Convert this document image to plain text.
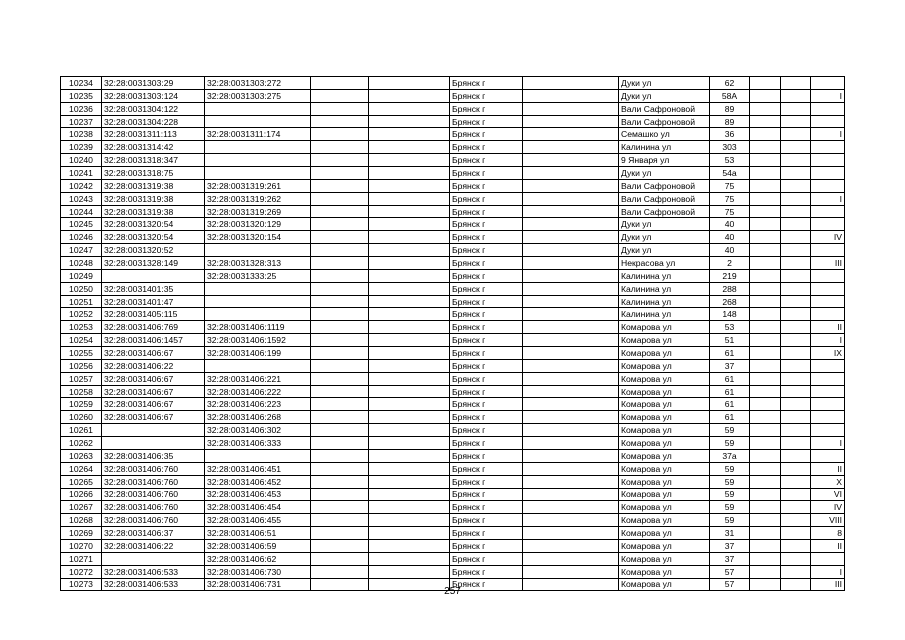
10234	32:28:0031303:29	32:28:0031303:272			Брянск г		Дуки ул	62			
10235	32:28:0031303:124	32:28:0031303:275			Брянск г		Дуки ул	58А			I
10236	32:28:0031304:122				Брянск г		Вали Сафроновой	89			
10237	32:28:0031304:228				Брянск г		Вали Сафроновой	89			
10238	32:28:0031311:113	32:28:0031311:174			Брянск г		Семашко ул	36			I
10239	32:28:0031314:42				Брянск г		Калинина ул	303			
10240	32:28:0031318:347				Брянск г		9 Января ул	53			
10241	32:28:0031318:75				Брянск г		Дуки ул	54а			
10242	32:28:0031319:38	32:28:0031319:261			Брянск г		Вали Сафроновой	75			
10243	32:28:0031319:38	32:28:0031319:262			Брянск г		Вали Сафроновой	75			I
10244	32:28:0031319:38	32:28:0031319:269			Брянск г		Вали Сафроновой	75			
10245	32:28:0031320:54	32:28:0031320:129			Брянск г		Дуки ул	40			
10246	32:28:0031320:54	32:28:0031320:154			Брянск г		Дуки ул	40			IV
10247	32:28:0031320:52				Брянск г		Дуки ул	40			
10248	32:28:0031328:149	32:28:0031328:313			Брянск г		Некрасова ул	2			III
10249		32:28:0031333:25			Брянск г		Калинина ул	219			
10250	32:28:0031401:35				Брянск г		Калинина ул	288			
10251	32:28:0031401:47				Брянск г		Калинина ул	268			
10252	32:28:0031405:115				Брянск г		Калинина ул	148			
10253	32:28:0031406:769	32:28:0031406:1119			Брянск г		Комарова ул	53			II
10254	32:28:0031406:1457	32:28:0031406:1592			Брянск г		Комарова ул	51			I
10255	32:28:0031406:67	32:28:0031406:199			Брянск г		Комарова ул	61			IX
10256	32:28:0031406:22				Брянск г		Комарова ул	37			
10257	32:28:0031406:67	32:28:0031406:221			Брянск г		Комарова ул	61			
10258	32:28:0031406:67	32:28:0031406:222			Брянск г		Комарова ул	61			
10259	32:28:0031406:67	32:28:0031406:223			Брянск г		Комарова ул	61			
10260	32:28:0031406:67	32:28:0031406:268			Брянск г		Комарова ул	61			
10261		32:28:0031406:302			Брянск г		Комарова ул	59			
10262		32:28:0031406:333			Брянск г		Комарова ул	59			I
10263	32:28:0031406:35				Брянск г		Комарова ул	37а			
10264	32:28:0031406:760	32:28:0031406:451			Брянск г		Комарова ул	59			II
10265	32:28:0031406:760	32:28:0031406:452			Брянск г		Комарова ул	59			X
10266	32:28:0031406:760	32:28:0031406:453			Брянск г		Комарова ул	59			VI
10267	32:28:0031406:760	32:28:0031406:454			Брянск г		Комарова ул	59			IV
10268	32:28:0031406:760	32:28:0031406:455			Брянск г		Комарова ул	59			VIII
10269	32:28:0031406:37	32:28:0031406:51			Брянск г		Комарова ул	31			8
10270	32:28:0031406:22	32:28:0031406:59			Брянск г		Комарова ул	37			II
10271		32:28:0031406:62			Брянск г		Комарова ул	37			
10272	32:28:0031406:533	32:28:0031406:730			Брянск г		Комарова ул	57			I
10273	32:28:0031406:533	32:28:0031406:731			Брянск г		Комарова ул	57			III
257
